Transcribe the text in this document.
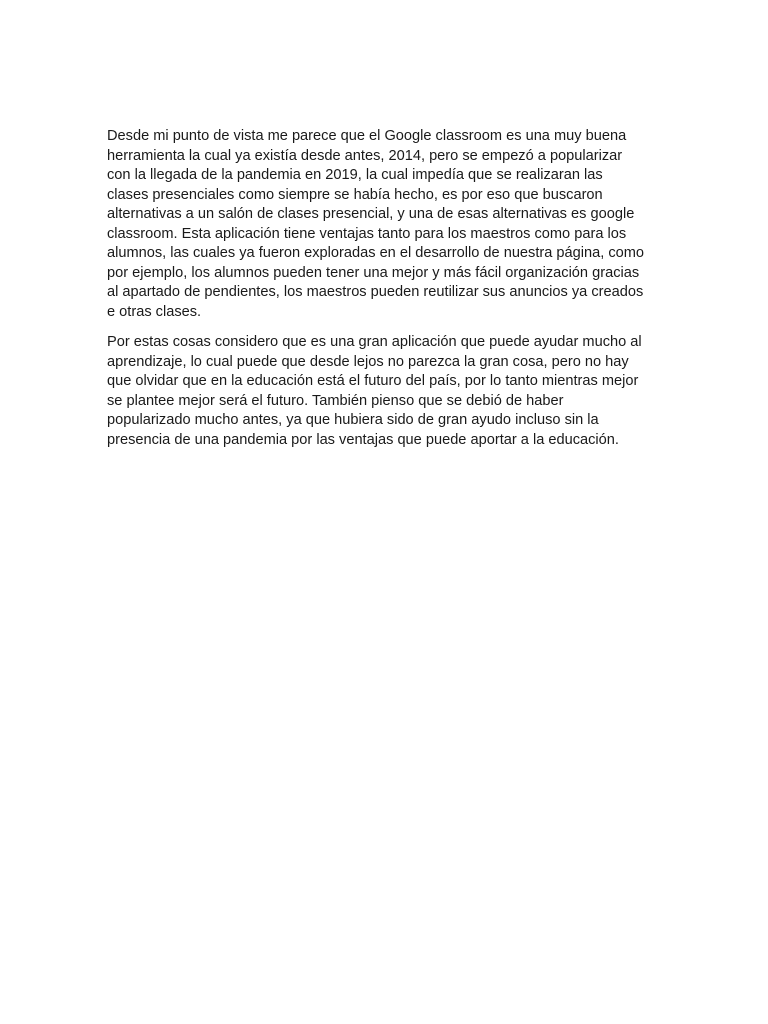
Desde mi punto de vista me parece que el Google classroom es una muy buena
herramienta la cual ya existía desde antes, 2014, pero se empezó a popularizar
con la llegada de la pandemia en 2019, la cual impedía que se realizaran las
clases presenciales como siempre se había hecho, es por eso que buscaron
alternativas a un salón de clases presencial, y una de esas alternativas es google
classroom. Esta aplicación tiene ventajas tanto para los maestros como para los
alumnos, las cuales ya fueron exploradas en el desarrollo de nuestra página, como
por ejemplo, los alumnos pueden tener una mejor y más fácil organización gracias
al apartado de pendientes, los maestros pueden reutilizar sus anuncios ya creados
e otras clases.

Por estas cosas considero que es una gran aplicación que puede ayudar mucho al
aprendizaje, lo cual puede que desde lejos no parezca la gran cosa, pero no hay
que olvidar que en la educación está el futuro del país, por lo tanto mientras mejor
se plantee mejor será el futuro. También pienso que se debió de haber
popularizado mucho antes, ya que hubiera sido de gran ayudo incluso sin la
presencia de una pandemia por las ventajas que puede aportar a la educación.
